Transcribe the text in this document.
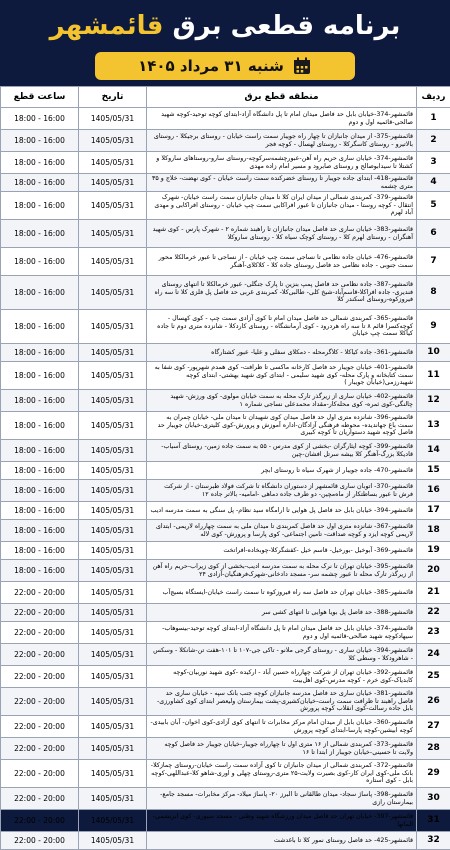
برنامه قطعی برق قائمشهر
شنبه ۳۱ مرداد ۱۴۰۵
ردیف	منطقه قطع برق	تاریخ	ساعت قطع
1	قائمشهر-374-خیابان بابل حد فاصل میدان امام تا پل دانشگاه آزاد-ابتدای کوچه توحید-کوچه شهید صالحی-قائمیه اول و دوم	1405/05/31	18:00 - 16:00
2	قائمشهر-375- از میدان جانبازان تا چهار راه جویبار سمت راست خیابان - روستای برجیکلا - روستای بالاتیرو - روستای کاسگرکلا - روستای لهسال - کوچه فجر	1405/05/31	18:00 - 16:00
3	قائمشهر-374- خیابان ساری حریم راه آهن-عبورچشمه‌سرکوچه‌-روستای سارو-روستاهای ساروکلا و کشتلا تا سیدابوصالح و روستای صابرود و مسیر امام زاده مهدی	1405/05/31	18:00 - 16:00
4	قائمشهر-418- ابتدای جاده جویبار تا روستای خضرکنده سمت راست خیابان - کوی نهضت- خلاج و ۳۵ متری چشمه	1405/05/31	18:00 - 16:00
5	قائمشهر-379- کمربندی شمالی از میدان ایران کلا تا میدان جانبازان سمت راست خیابان- شهرک انتقال - کوچه روستا - میدان جانبازان تا عبور افراکابی سمت چپ خیابان - روستای افراکابی و مهدی آباد لهرم	1405/05/31	18:00 - 16:00
6	قائمشهر-383- خیابان ساری حد فاصل میدان جانبازان تا راهبند شماره ۲ - شهرک پارس - کوی شهید آهنگران - روستای لهرم کلا - روستای کوچک سیاه کلا - روستای ساروکلا	1405/05/31	18:00 - 16:00
7	قائمشهر-476- خیابان جاده نظامی تا نساجی سمت چپ خیابان - از نساجی تا عبور خرمالکلا محور سمت جنوبی - جاده نظامی حد فاصل روستای جاده کلا - کلاکلای-آهنگر	1405/05/31	18:00 - 16:00
8	قائمشهر-387- جاده نظامی حد فاصل پمپ بنزین تا پارک جنگلی- عبور خرمالکلا تا انتهای روستای فندیری- جاده افراکلا-قاسم‌آباد-شیخ کلی- طالبی‌کلا- کمربندی غربی حد فاصل پل فلزی کلا تا سه راه فیروزکوه-روستای اسکندر کلا	1405/05/31	18:00 - 16:00
9	قائمشهر-365- کمربندی شمالی حد فاصل میدان امام تا کوی آزادی سمت چپ - کوی کهسال - کوچه‌کسرا قائم ۸ تا سه راه هردرود - کوی آرمانشگاه - روستای کاردکلا - شانزده متری دوم تا جاده کیاکلا سمت چپ خیابان	1405/05/31	18:00 - 16:00
10	قائمشهر-361- جاده کیاکلا - کلاگرمحله - دمکلای سفلی و علیا- عبور کشتارگاه	1405/05/31	18:00 - 16:00
11	قائمشهر-401- خیابان جویبار حد فاصل کارخانه ماکسی تا ظرافت- کوی همدم شهرپور- کوی شفا به سمت کتابخانه و پارک محله- کوی شهید سلیمی - ابتدای کوی شهید بهشتی- ابتدای کوچه شهیدرزمی(خیابان جویبار )	1405/05/31	18:00 - 16:00
12	قائمشهر-402- خیابان ساری از زیرگذر تارک محله به سمت خیابان مولوی- کوی ورزش- شهید چالنگی-کوی ثمره- کوی محله‌کار-مقداد محمدعلی نساجی شماره ۱	1405/05/31	18:00 - 16:00
13	قائمشهر-396- شانزده متری اول حد فاصل میدان کوی شهیدان تا میدان ملی- خیابان چمران به سمت باغ جهاندیده- محوطه فرهنگی آزادگان-اداره آموزش و پرورش-کوی کلیتری-خیابان جویبار حد فاصل کوچه شهید دستواریان تا کوچه کبیری	1405/05/31	18:00 - 16:00
14	قائمشهر-399- کوچه ایثارگران -بخشی از کوی مدرس - ۵۵ به سمت جاده زمین- روستای آسیاب-قادیکلا بزرگ-آهنگر کلا بیشه سرتل افشان-چین	1405/05/31	18:00 - 16:00
15	قائمشهر-470- جاده جویبار از شهرک سیاه تا روستای ابچر	1405/05/31	18:00 - 16:00
16	قائمشهر-370- اتوبان ساری قائمشهر از دستوران دانشگاه تا شرکت فولاد طبرستان - از شرکت فرش تا عبور بساطتکار از ماه‌مچین- دو طرف جاده دماهی -امامیه- بالاتر جاده ۱۲	1405/05/31	18:00 - 16:00
17	قائمشهر-394- خیابان بابل حد فاصل پل هوایی تا ارامگاه سید نظام- پل سنگی به سمت مدرسه ادیب	1405/05/31	18:00 - 16:00
18	قائمشهر-367- شانزده متری اول حد فاصل کمربندی تا میدان ملی به سمت چهارراه لاریمی- ابتدای لاریمی کوچه ایزد و کوچه صداقت- تامین اجتماعی- کوی پارسا و پرورش- کوی لاله	1405/05/31	18:00 - 16:00
19	قائمشهر-369- آبوخیل -بورخیل- قاسم خیل -کفشگرکلا-چوبخاده-افراتخت	1405/05/31	18:00 - 16:00
20	قائمشهر-395- خیابان تهران تا نرک محله به سمت مدرسه ادیب-بخشی از کوی زیراب-حریم راه آهن از زیرگذر تارک محله تا عبور چشمه سر- مسجد دادخانی-شهرک‌فرهنگیان-آزادی ۲۴	1405/05/31	18:00 - 16:00
21	قائمشهر-385- خیابان تهران حد فاصل سه راه فیروزکوه تا سمت راست خیابان-ایستگاه بسیج‌آب	1405/05/31	22:00 - 20:00
22	قائمشهر-388- حد فاصل پل بویا هوایی تا انتهای کشی سر	1405/05/31	22:00 - 20:00
23	قائمشهر-374- خیابان بابل حد فاصل میدان امام تا پل دانشگاه آزاد-ابتدای کوچه توحید-بیسوهاب-سیهادکوچه شهید صالحی-قائمیه اول و دوم	1405/05/31	22:00 - 20:00
24	قائمشهر-394- خیابان ساری - روستای گرجی ملانو - تاکی جی-۱۰۷ تا ۱۰۱-هفت تن-شانکلا - وسکس - شاهرودکلا - وسطی کلا	1405/05/31	22:00 - 20:00
25	قائمشهر-392- خیابان تهران از شرکت چهارراه حسین آباد - ارکیده -کوی شهید نوربیان-کوچه کابدیاک-کوی خرم - کوچه مدرس-کوی اهل‌بیت	1405/05/31	22:00 - 20:00
26	قائمشهر-381- خیابان ساری حد فاصل مدرسه جانبازان کوچه جنب بانک سپه - خیابان ساری حد فاصل راهبند تا ظرافت سمت راست-خیابان‌کشیری-پشت بیمارستان ولیعصر ابتدای کوی کشاورزی-بابل جاده رسالت-کوی انقلاب کوچه پرورش	1405/05/31	22:00 - 20:00
27	قائمشهر-360- خیابان بابل از میدان امام مرکز مخابرات تا انتهای کوی آزادی-کوی اخوان- آبان بابیدی-کوچه ابیشین-کوچه پارسا-ابتدای کوچه پرورش	1405/05/31	22:00 - 20:00
28	قائمشهر-373- کمربندی شمالی از ۱۶ متری اول تا چهارراه جویبار-خیابان جویبار حد فاصل کوچه ولایت تا حسینی-خیابان جویبار از ابتدا تا ۱۶	1405/05/31	22:00 - 20:00
29	قائمشهر-372- کمربندی شمالی از میدان جانبازان تا کوی آزاده سمت راست خیابان-روستای چمازکلا-بانک ملی-کوی ایران کار-کوی بصیرت ولایت-۲۵ متری-روستای چهلی و اوری-شاهو کلا-عبداللهی-کوچه بابل - کوی آستاره	1405/05/31	22:00 - 20:00
30	قائمشهر-398- پاساژ سجاد- میدان طالقانی تا البرز ۲۰- پاساژ میلاد- مرکز مخابرات- مسجد جامع- بیمارستان رازی	1405/05/31	22:00 - 20:00
31	قائمشهر-397- خیابان تهران حد فاصل میدان ورزشگاه شهید وطنی - مسجد سیوری- کوی ابریشمی-المانها	1405/05/31	22:00 - 20:00
32	قائمشهر-425- حد فاصل روستای نمور کلا تا باغدشت	1405/05/31	22:00 - 20:00
